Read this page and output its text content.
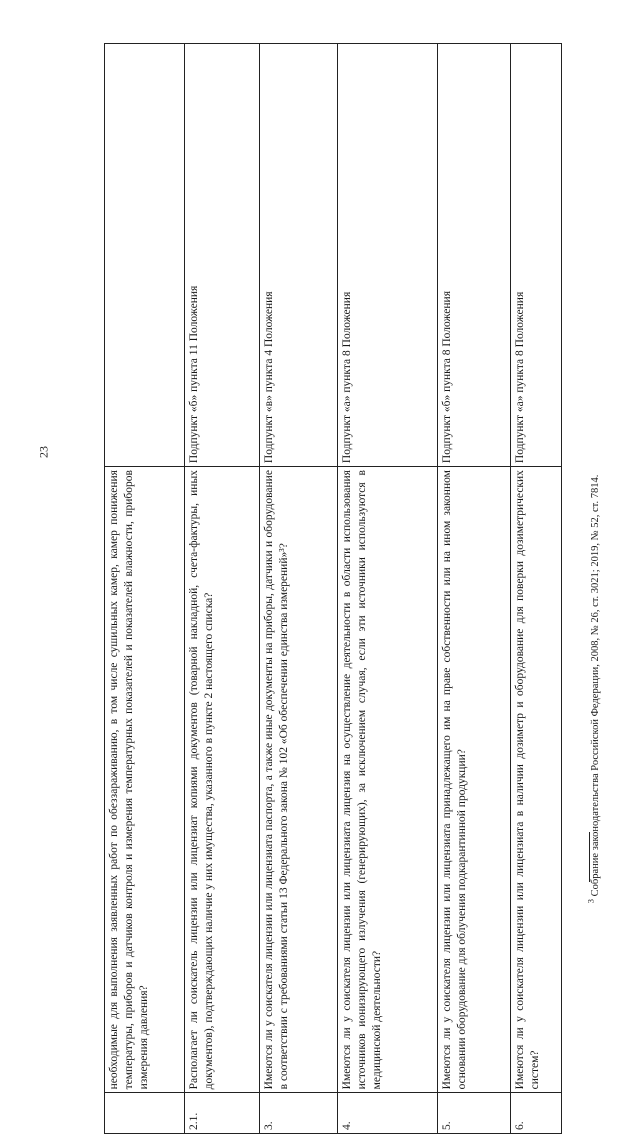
23
	необходимые для выполнения заявленных работ по обеззараживанию, в том числе сушильных камер, камер понижения температуры, приборов и датчиков контроля и измерения температурных показателей и показателей влажности, приборов измерения давления?					
2.1.	Располагает ли соискатель лицензии или лицензиат копиями документов (товарной накладной, счета-фактуры, иных документов), подтверждающих наличие у них имущества, указанного в пункте 2 настоящего списка?		Подпункт «б» пункта 11 Положения			
3.	Имеются ли у соискателя лицензии или лицензиата паспорта, а также иные документы на приборы, датчики и оборудование в соответствии с требованиями статьи 13 Федерального закона № 102 «Об обеспечении единства измерений»³?		Подпункт «в» пункта 4 Положения			
4.	Имеются ли у соискателя лицензии или лицензиата лицензия на осуществление деятельности в области использования источников ионизирующего излучения (генерирующих), за исключением случая, если эти источники используются в медицинской деятельности?		Подпункт «а» пункта 8 Положения			
5.	Имеются ли у соискателя лицензии или лицензиата принадлежащего им на праве собственности или на ином законном основании оборудование для облучения подкарантинной продукции?		Подпункт «б» пункта 8 Положения			
6.	Имеются ли у соискателя лицензии или лицензиата в наличии дозиметр и оборудование для поверки дозиметрических систем?		Подпункт «а» пункта 8 Положения			
$^3$ Собрание законодательства Российской Федерации, 2008, № 26, ст. 3021; 2019, № 52, ст. 7814.
